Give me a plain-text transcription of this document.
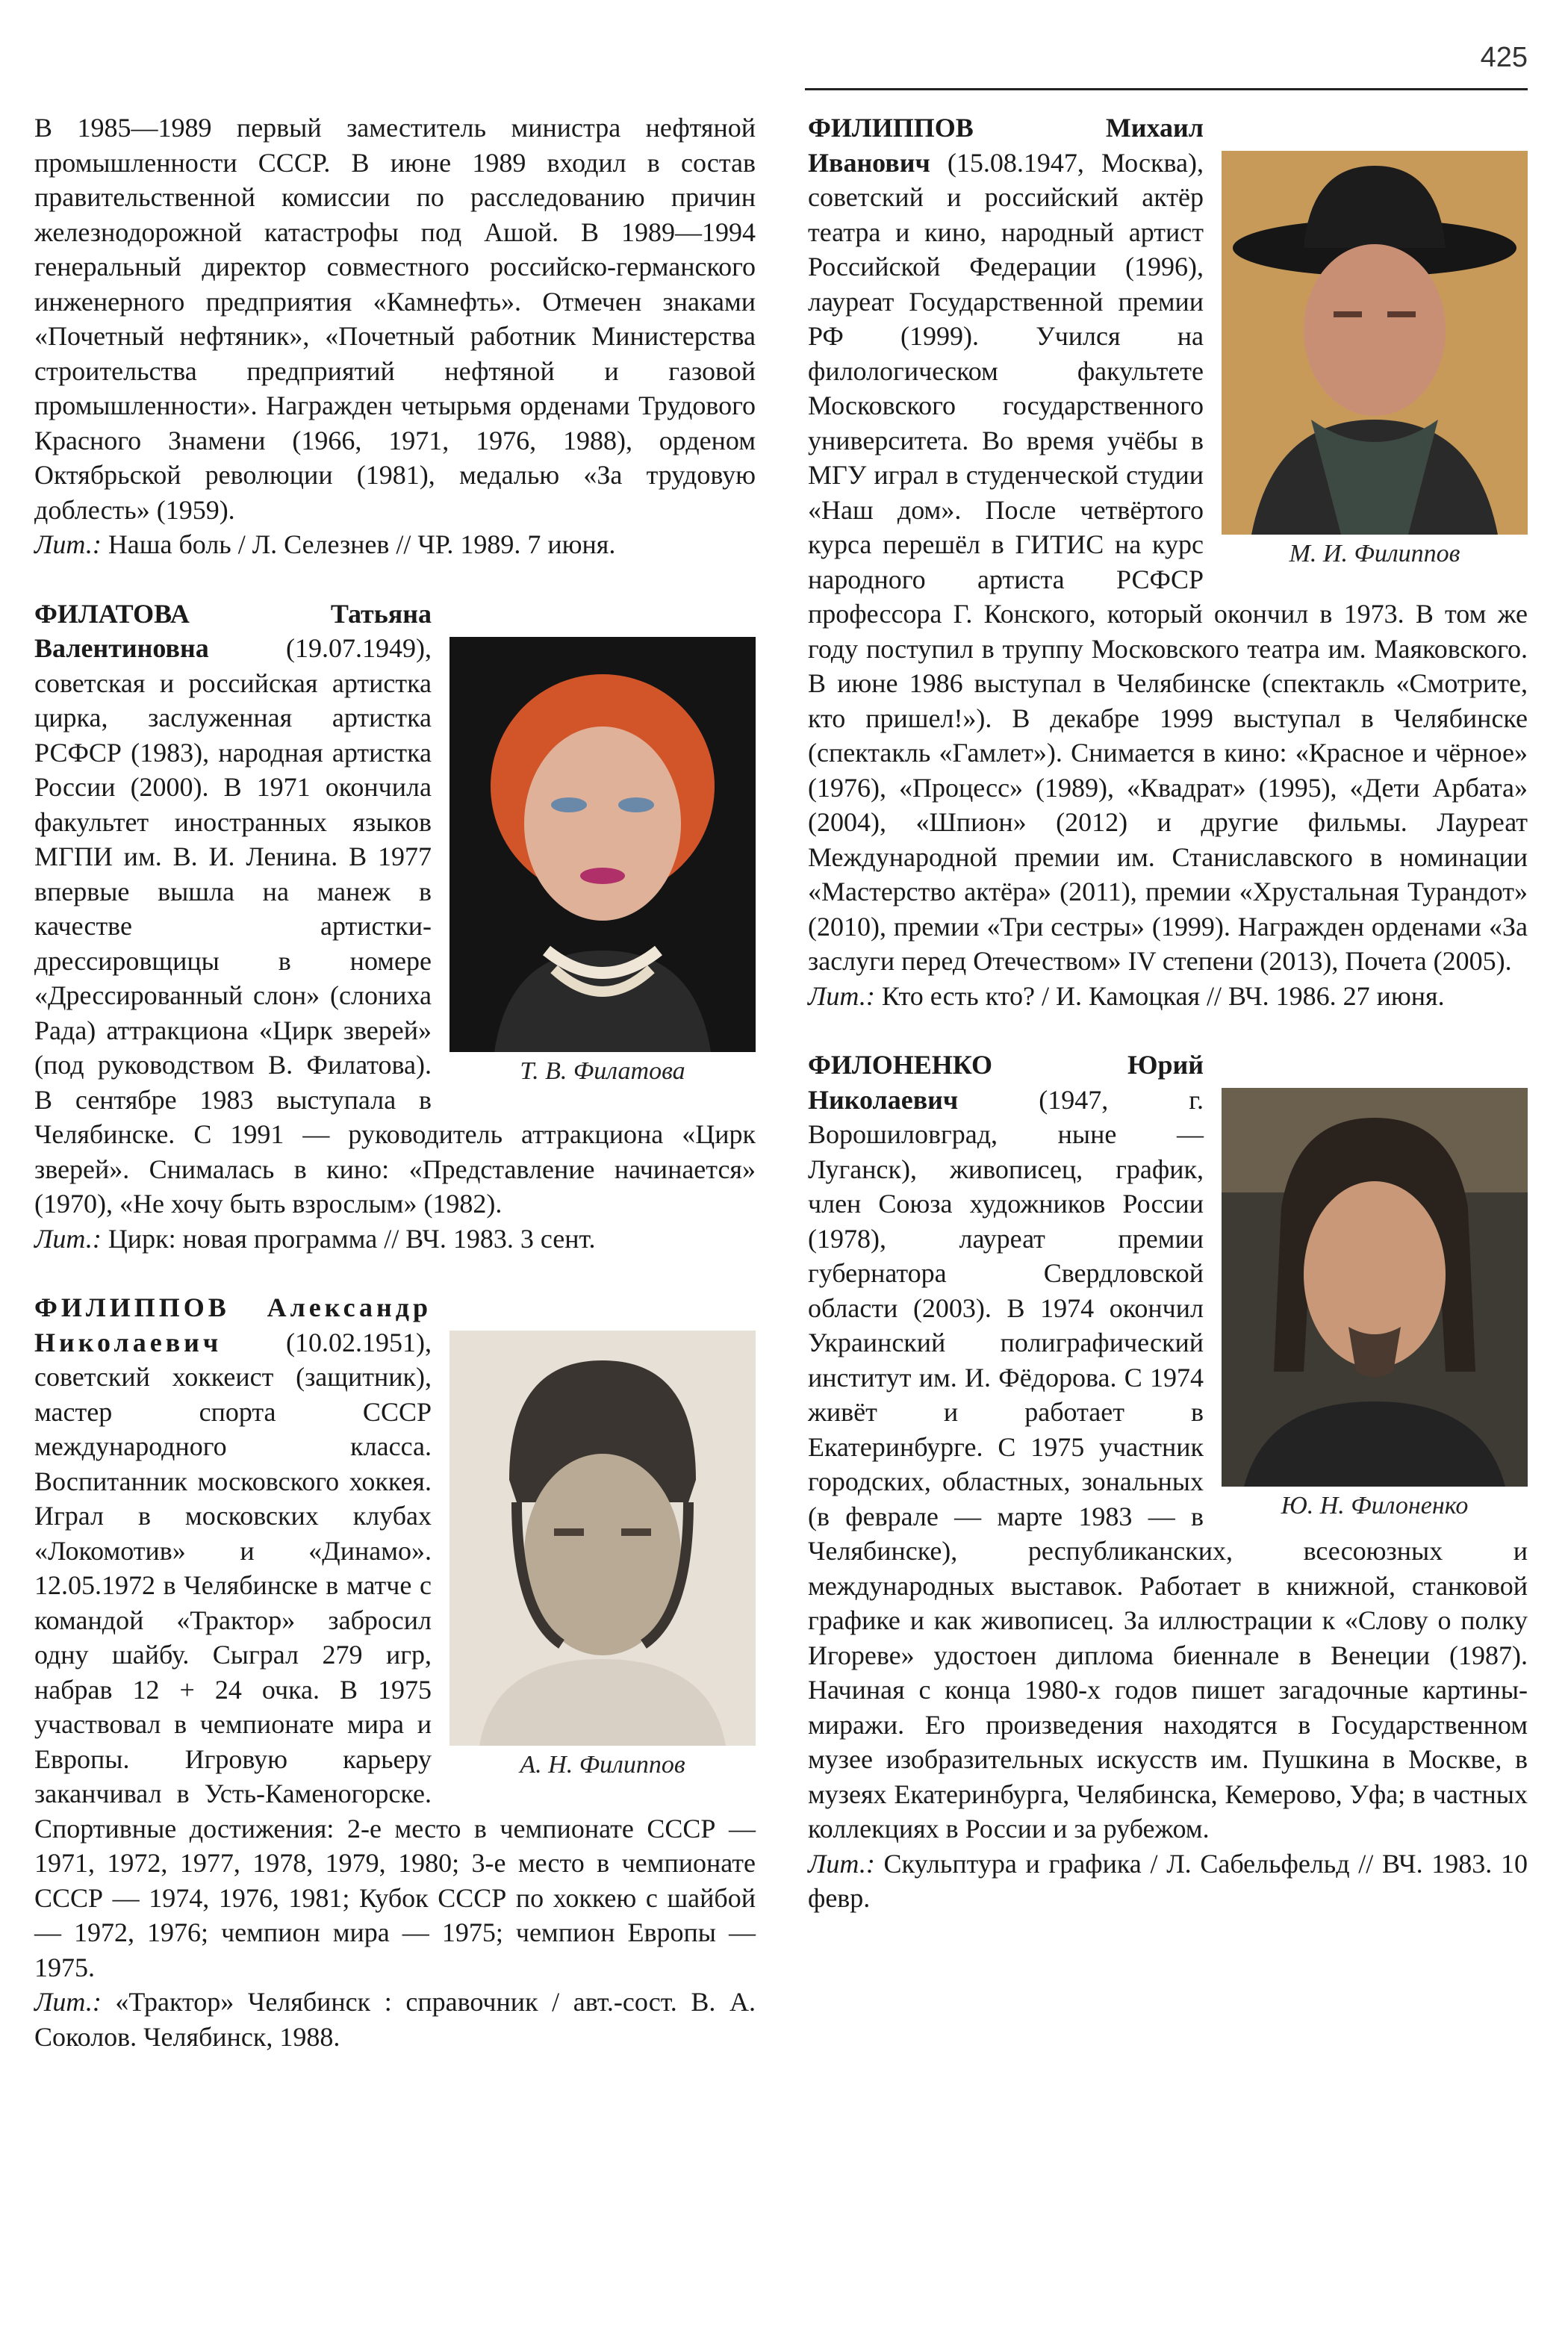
425

В 1985—1989 первый заместитель министра нефтяной промышленности СССР. В июне 1989 входил в состав правительственной комиссии по расследованию причин железнодорожной катастрофы под Ашой. В 1989—1994 генеральный директор совместного российско-германского инженерного предприятия «Камнефть». Отмечен знаками «Почетный нефтяник», «Почетный работник Министерства строительства предприятий нефтяной и газовой промышленности». Награжден четырьмя орденами Трудового Красного Знамени (1966, 1971, 1976, 1988), орденом Октябрьской революции (1981), медалью «За трудовую доблесть» (1959).

Лит.: Наша боль / Л. Селезнев // ЧР. 1989. 7 июня.

Т. В. Филатова

ФИЛАТОВА Татьяна Валентиновна (19.07.1949), советская и российская артистка цирка, заслуженная артистка РСФСР (1983), народная артистка России (2000). В 1971 окончила факультет иностранных языков МГПИ им. В. И. Ленина. В 1977 впервые вышла на манеж в качестве артистки-дрессировщицы в номере «Дрессированный слон» (слониха Рада) аттракциона «Цирк зверей» (под руководством В. Филатова). В сентябре 1983 выступала в Челябинске. С 1991 — руководитель аттракциона «Цирк зверей». Снималась в кино: «Представление начинается» (1970), «Не хочу быть взрослым» (1982).

Лит.: Цирк: новая программа // ВЧ. 1983. 3 сент.

А. Н. Филиппов

ФИЛИППОВ Александр Николаевич (10.02.1951), советский хоккеист (защитник), мастер спорта СССР международного класса. Воспитанник московского хоккея. Играл в московских клубах «Локомотив» и «Динамо». 12.05.1972 в Челябинске в матче с командой «Трактор» забросил одну шайбу. Сыграл 279 игр, набрав 12 + 24 очка. В 1975 участвовал в чемпионате мира и Европы. Игровую карьеру заканчивал в Усть-Каменогорске. Спортивные достижения: 2-е место в чемпионате СССР — 1971, 1972, 1977, 1978, 1979, 1980; 3-е место в чемпионате СССР — 1974, 1976, 1981; Кубок СССР по хоккею с шайбой — 1972, 1976; чемпион мира — 1975; чемпион Европы — 1975.

Лит.: «Трактор» Челябинск : справочник / авт.-сост. В. А. Соколов. Челябинск, 1988.

М. И. Филиппов

ФИЛИППОВ Михаил Иванович (15.08.1947, Москва), советский и российский актёр театра и кино, народный артист Российской Федерации (1996), лауреат Государственной премии РФ (1999). Учился на филологическом факультете Московского государственного университета. Во время учёбы в МГУ играл в студенческой студии «Наш дом». После четвёртого курса перешёл в ГИТИС на курс народного артиста РСФСР профессора Г. Конского, который окончил в 1973. В том же году поступил в труппу Московского театра им. Маяковского. В июне 1986 выступал в Челябинске (спектакль «Смотрите, кто пришел!»). В декабре 1999 выступал в Челябинске (спектакль «Гамлет»). Снимается в кино: «Красное и чёрное» (1976), «Процесс» (1989), «Квадрат» (1995), «Дети Арбата» (2004), «Шпион» (2012) и другие фильмы. Лауреат Международной премии им. Станиславского в номинации «Мастерство актёра» (2011), премии «Хрустальная Турандот» (2010), премии «Три сестры» (1999). Награжден орденами «За заслуги перед Отечеством» IV степени (2013), Почета (2005).

Лит.: Кто есть кто? / И. Камоцкая // ВЧ. 1986. 27 июня.

Ю. Н. Филоненко

ФИЛОНЕНКО Юрий Николаевич (1947, г. Ворошиловград, ныне — Луганск), живописец, график, член Союза художников России (1978), лауреат премии губернатора Свердловской области (2003). В 1974 окончил Украинский полиграфический институт им. И. Фёдорова. С 1974 живёт и работает в Екатеринбурге. С 1975 участник городских, областных, зональных (в феврале — марте 1983 — в Челябинске), республиканских, всесоюзных и международных выставок. Работает в книжной, станковой графике и как живописец. За иллюстрации к «Слову о полку Игореве» удостоен диплома биеннале в Венеции (1987). Начиная с конца 1980-х годов пишет загадочные картины-миражи. Его произведения находятся в Государственном музее изобразительных искусств им. Пушкина в Москве, в музеях Екатеринбурга, Челябинска, Кемерово, Уфа; в частных коллекциях в России и за рубежом.

Лит.: Скульптура и графика / Л. Сабельфельд // ВЧ. 1983. 10 февр.
